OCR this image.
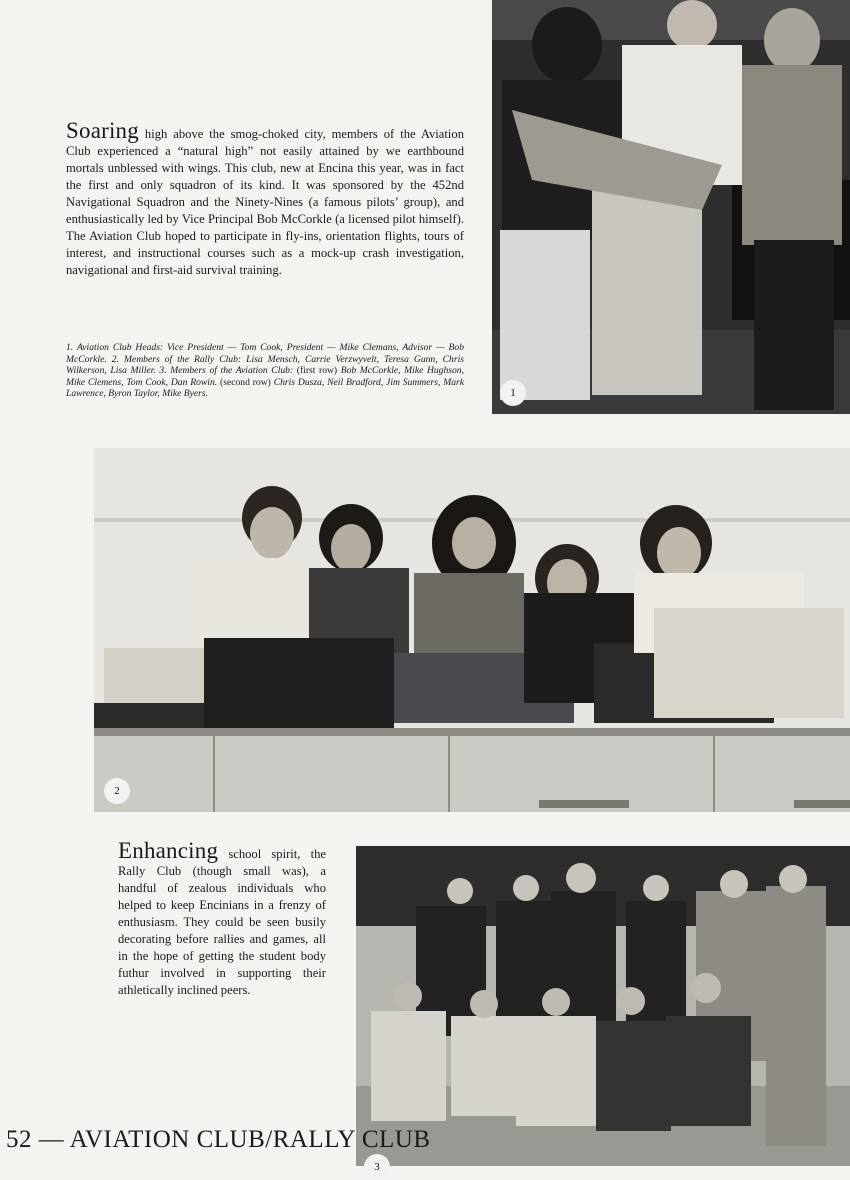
1

Soaring high above the smog-choked city, members of the Aviation Club experienced a “natural high” not easily attained by we earthbound mortals unblessed with wings. This club, new at Encina this year, was in fact the first and only squadron of its kind. It was sponsored by the 452nd Navigational Squadron and the Ninety-Nines (a famous pilots’ group), and enthusiastically led by Vice Principal Bob McCorkle (a licensed pilot himself). The Aviation Club hoped to participate in fly-ins, orientation flights, tours of interest, and instructional courses such as a mock-up crash investigation, navigational and first-aid survival training.

1. Aviation Club Heads: Vice President — Tom Cook, President — Mike Clemans, Advisor — Bob McCorkle. 2. Members of the Rally Club: Lisa Mensch, Carrie Verzwyvelt, Teresa Gunn, Chris Wilkerson, Lisa Miller. 3. Members of the Aviation Club: (first row) Bob McCorkle, Mike Hughson, Mike Clemens, Tom Cook, Dan Rowin. (second row) Chris Dusza, Neil Bradford, Jim Summers, Mark Lawrence, Byron Taylor, Mike Byers.

2

Enhancing school spirit, the Rally Club (though small was), a handful of zealous individuals who helped to keep Encinians in a frenzy of enthusiasm. They could be seen busily decorating before rallies and games, all in the hope of getting the student body futhur involved in supporting their athletically inclined peers.

3
52 — AVIATION CLUB/RALLY CLUB
